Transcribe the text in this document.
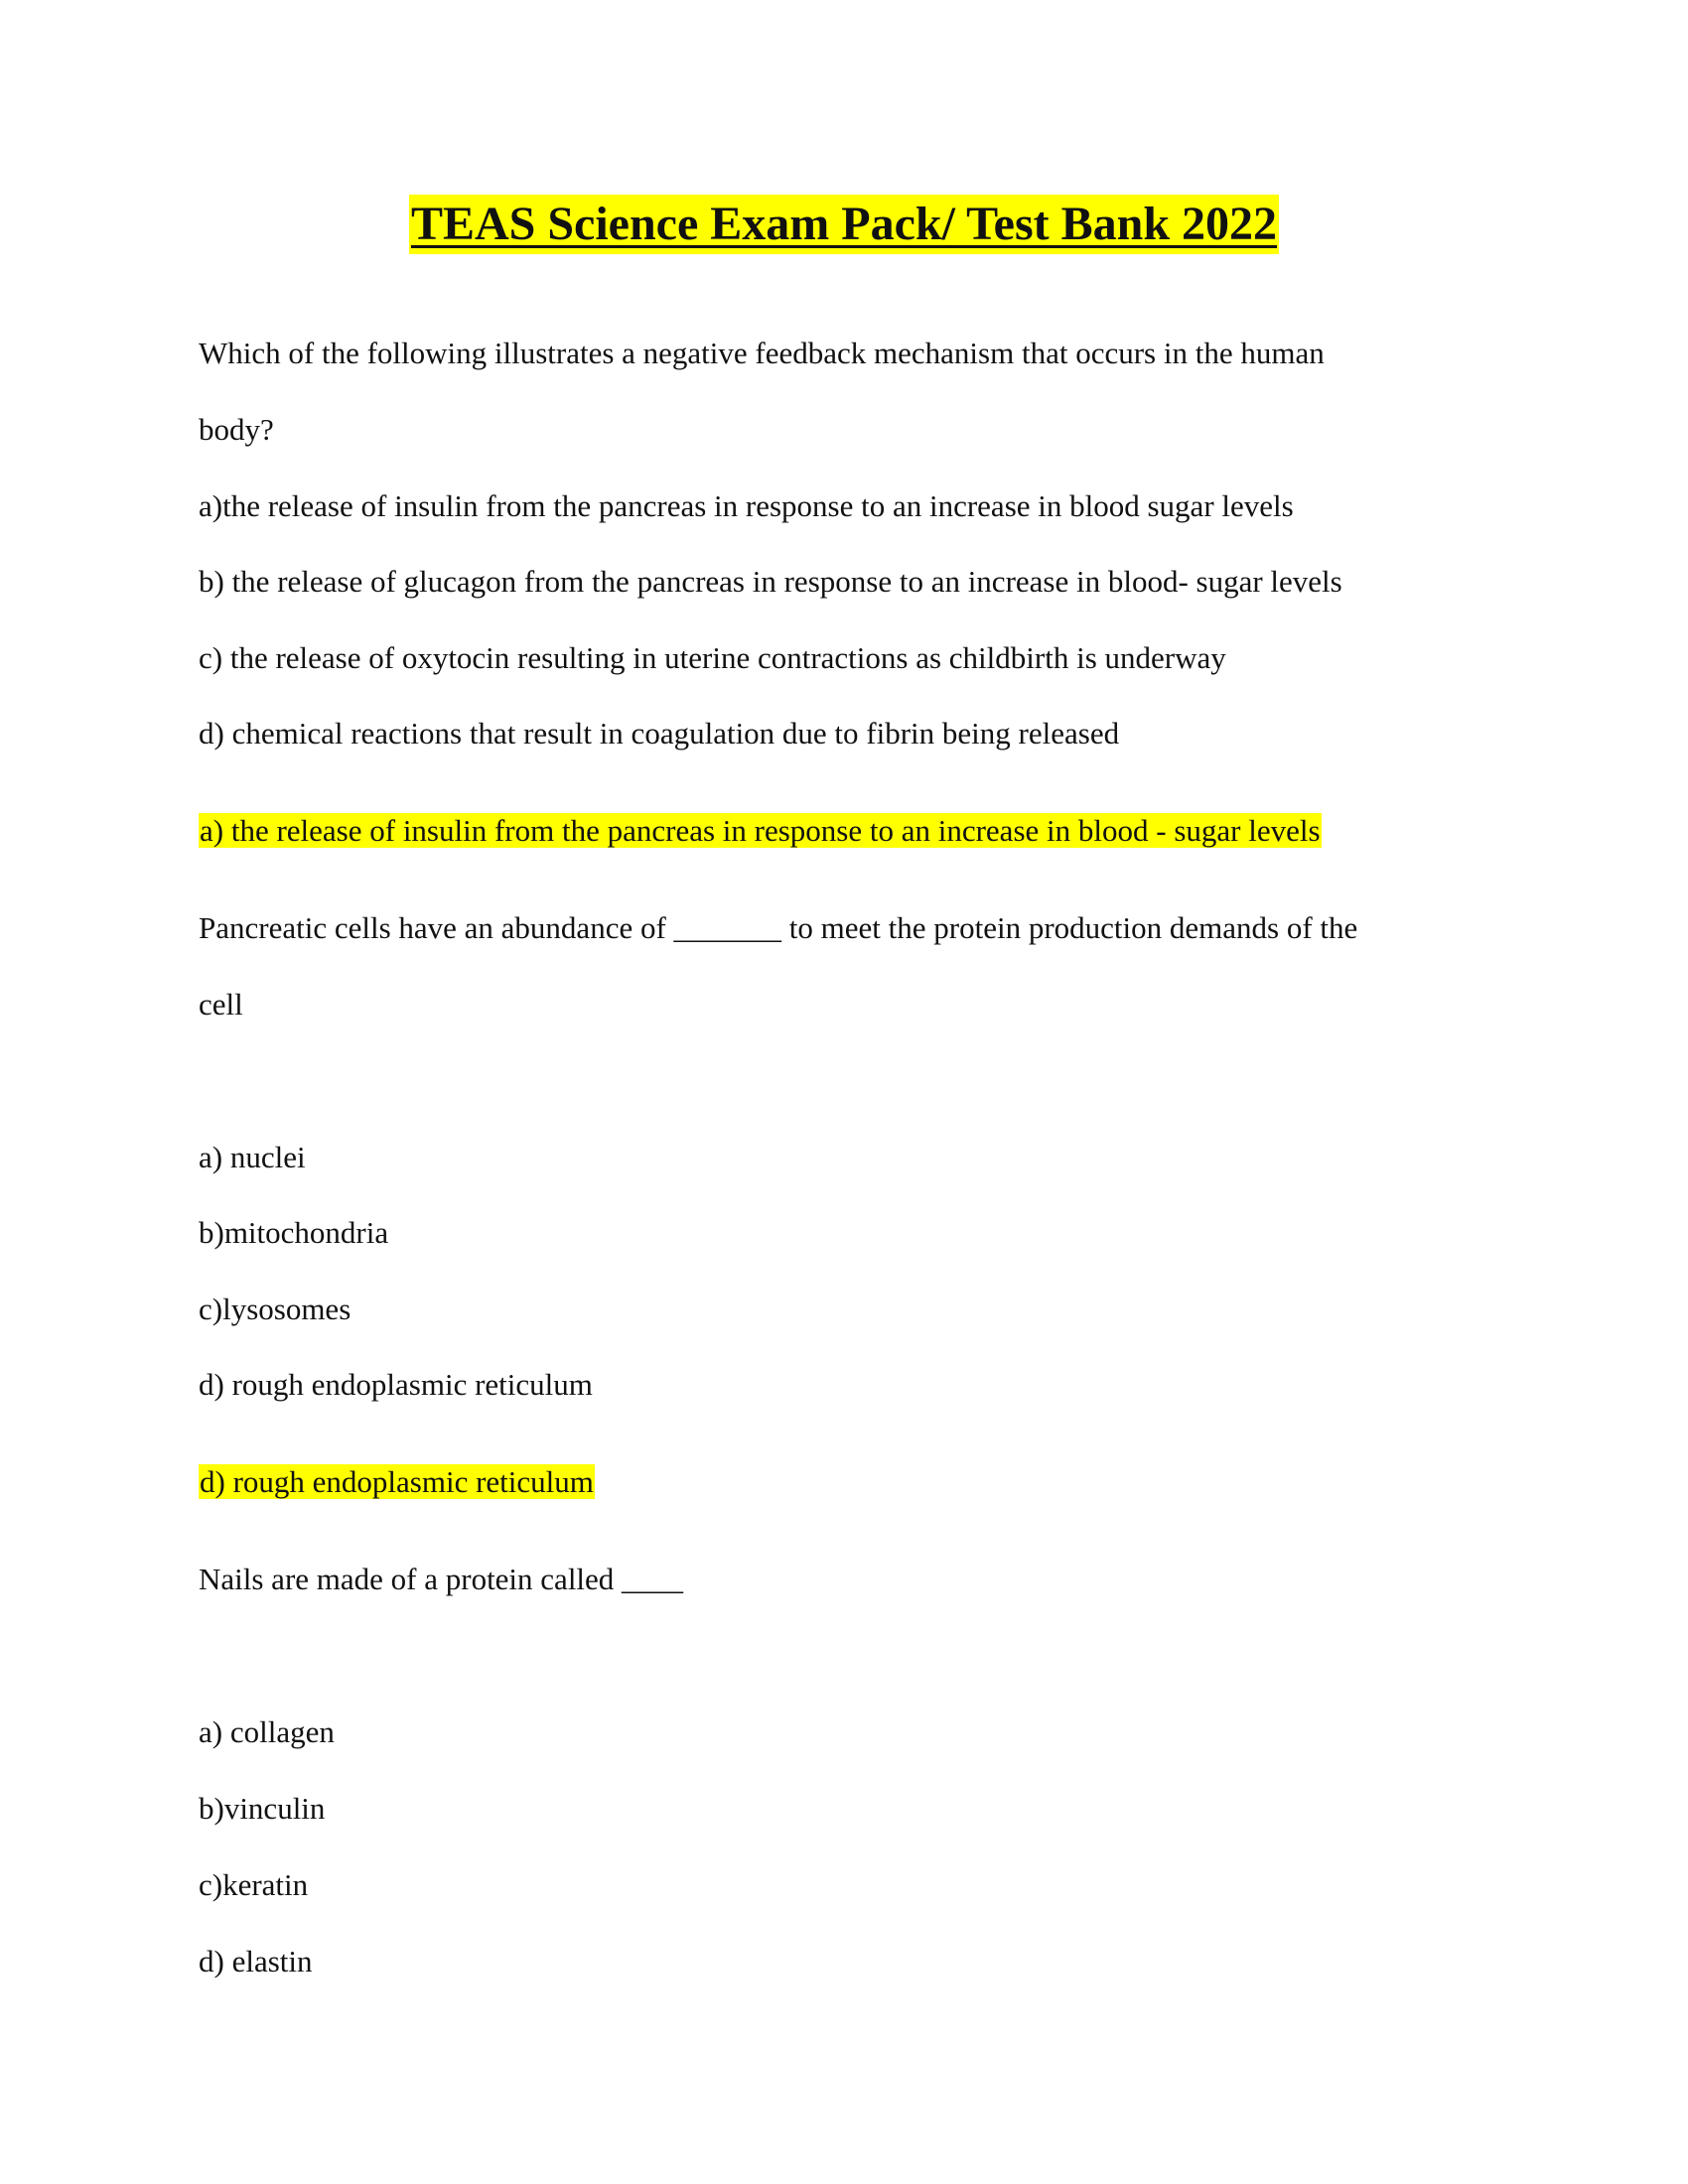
TEAS Science Exam Pack/ Test Bank 2022
Which of the following illustrates a negative feedback mechanism that occurs in the human
body?
a)the release of insulin from the pancreas in response to an increase in blood sugar levels
b) the release of glucagon from the pancreas in response to an increase in blood- sugar levels
c) the release of oxytocin resulting in uterine contractions as childbirth is underway
d) chemical reactions that result in coagulation due to fibrin being released
a) the release of insulin from the pancreas in response to an increase in blood - sugar levels
Pancreatic cells have an abundance of _______ to meet the protein production demands of the
cell
a) nuclei
b)mitochondria
c)lysosomes
d) rough endoplasmic reticulum
d) rough endoplasmic reticulum
Nails are made of a protein called ____
a) collagen
b)vinculin
c)keratin
d) elastin
